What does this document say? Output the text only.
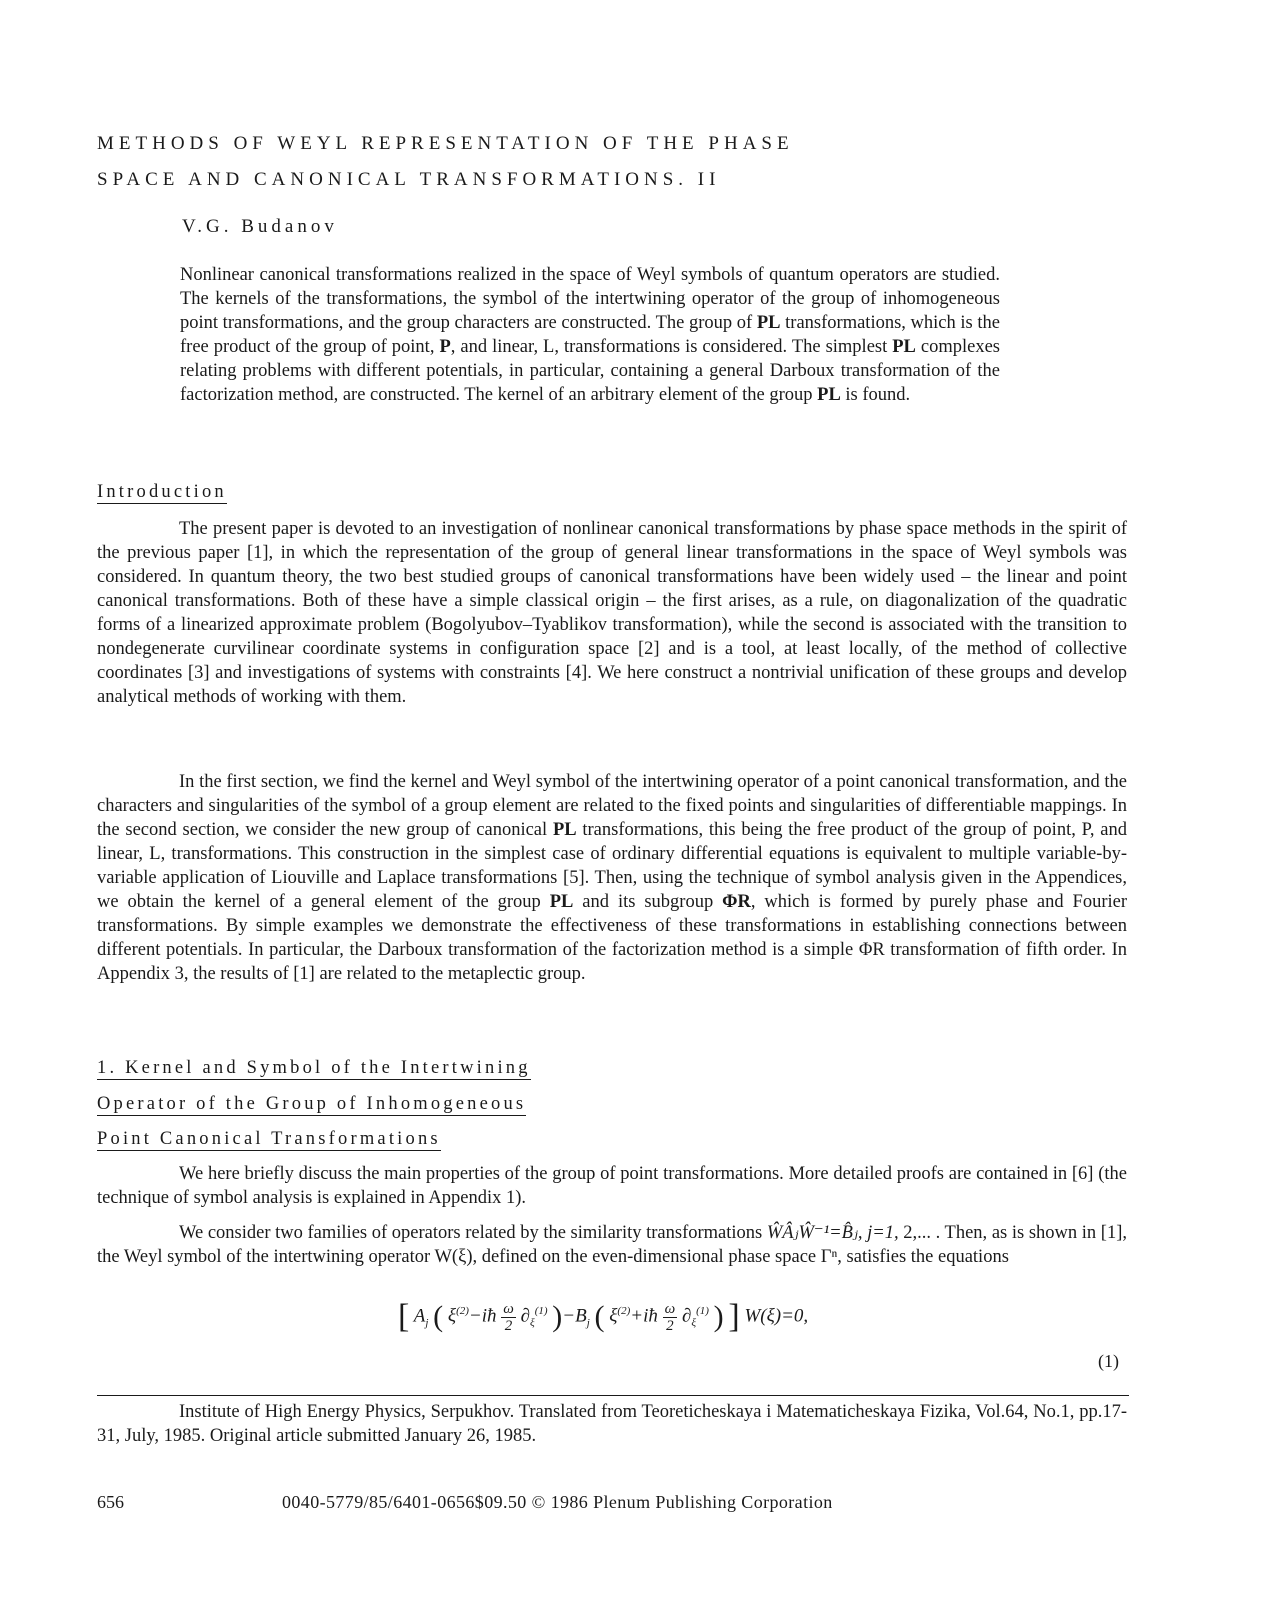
METHODS OF WEYL REPRESENTATION OF THE PHASE
SPACE AND CANONICAL TRANSFORMATIONS. II
V.G. Budanov

Nonlinear canonical transformations realized in the space of Weyl symbols of quantum operators are studied. The kernels of the transformations, the symbol of the intertwining operator of the group of inhomogeneous point transformations, and the group characters are constructed. The group of PL transformations, which is the free product of the group of point, P, and linear, L, transformations is considered. The simplest PL complexes relating problems with different potentials, in particular, containing a general Darboux transformation of the factorization method, are constructed. The kernel of an arbitrary element of the group PL is found.

Introduction

The present paper is devoted to an investigation of nonlinear canonical transformations by phase space methods in the spirit of the previous paper [1], in which the representation of the group of general linear transformations in the space of Weyl symbols was considered. In quantum theory, the two best studied groups of canonical transformations have been widely used – the linear and point canonical transformations. Both of these have a simple classical origin – the first arises, as a rule, on diagonalization of the quadratic forms of a linearized approximate problem (Bogolyubov–Tyablikov transformation), while the second is associated with the transition to nondegenerate curvilinear coordinate systems in configuration space [2] and is a tool, at least locally, of the method of collective coordinates [3] and investigations of systems with constraints [4]. We here construct a nontrivial unification of these groups and develop analytical methods of working with them.

In the first section, we find the kernel and Weyl symbol of the intertwining operator of a point canonical transformation, and the characters and singularities of the symbol of a group element are related to the fixed points and singularities of differentiable mappings. In the second section, we consider the new group of canonical PL transformations, this being the free product of the group of point, P, and linear, L, transformations. This construction in the simplest case of ordinary differential equations is equivalent to multiple variable-by-variable application of Liouville and Laplace transformations [5]. Then, using the technique of symbol analysis given in the Appendices, we obtain the kernel of a general element of the group PL and its subgroup ΦR, which is formed by purely phase and Fourier transformations. By simple examples we demonstrate the effectiveness of these transformations in establishing connections between different potentials. In particular, the Darboux transformation of the factorization method is a simple ΦR transformation of fifth order. In Appendix 3, the results of [1] are related to the metaplectic group.

1. Kernel and Symbol of the Intertwining
Operator of the Group of Inhomogeneous
Point Canonical Transformations

We here briefly discuss the main properties of the group of point transformations. More detailed proofs are contained in [6] (the technique of symbol analysis is explained in Appendix 1).

We consider two families of operators related by the similarity transformations ŴÂⱼŴ⁻¹=B̂ⱼ, j=1, 2,... . Then, as is shown in [1], the Weyl symbol of the intertwining operator W(ξ), defined on the even-dimensional phase space Γⁿ, satisfies the equations

[ $A_j$ ( $\xi^{(2)}-iħ \frac{\omega}{2} \partial_\xi^{(1)}$ )$-B_j$ ( $\xi^{(2)}+iħ \frac{\omega}{2} \partial_\xi^{(1)}$ ) ] W(ξ)=0,
(1)

Institute of High Energy Physics, Serpukhov. Translated from Teoreticheskaya i Matematicheskaya Fizika, Vol.64, No.1, pp.17-31, July, 1985. Original article submitted January 26, 1985.

656	0040-5779/85/6401-0656$09.50 © 1986 Plenum Publishing Corporation
